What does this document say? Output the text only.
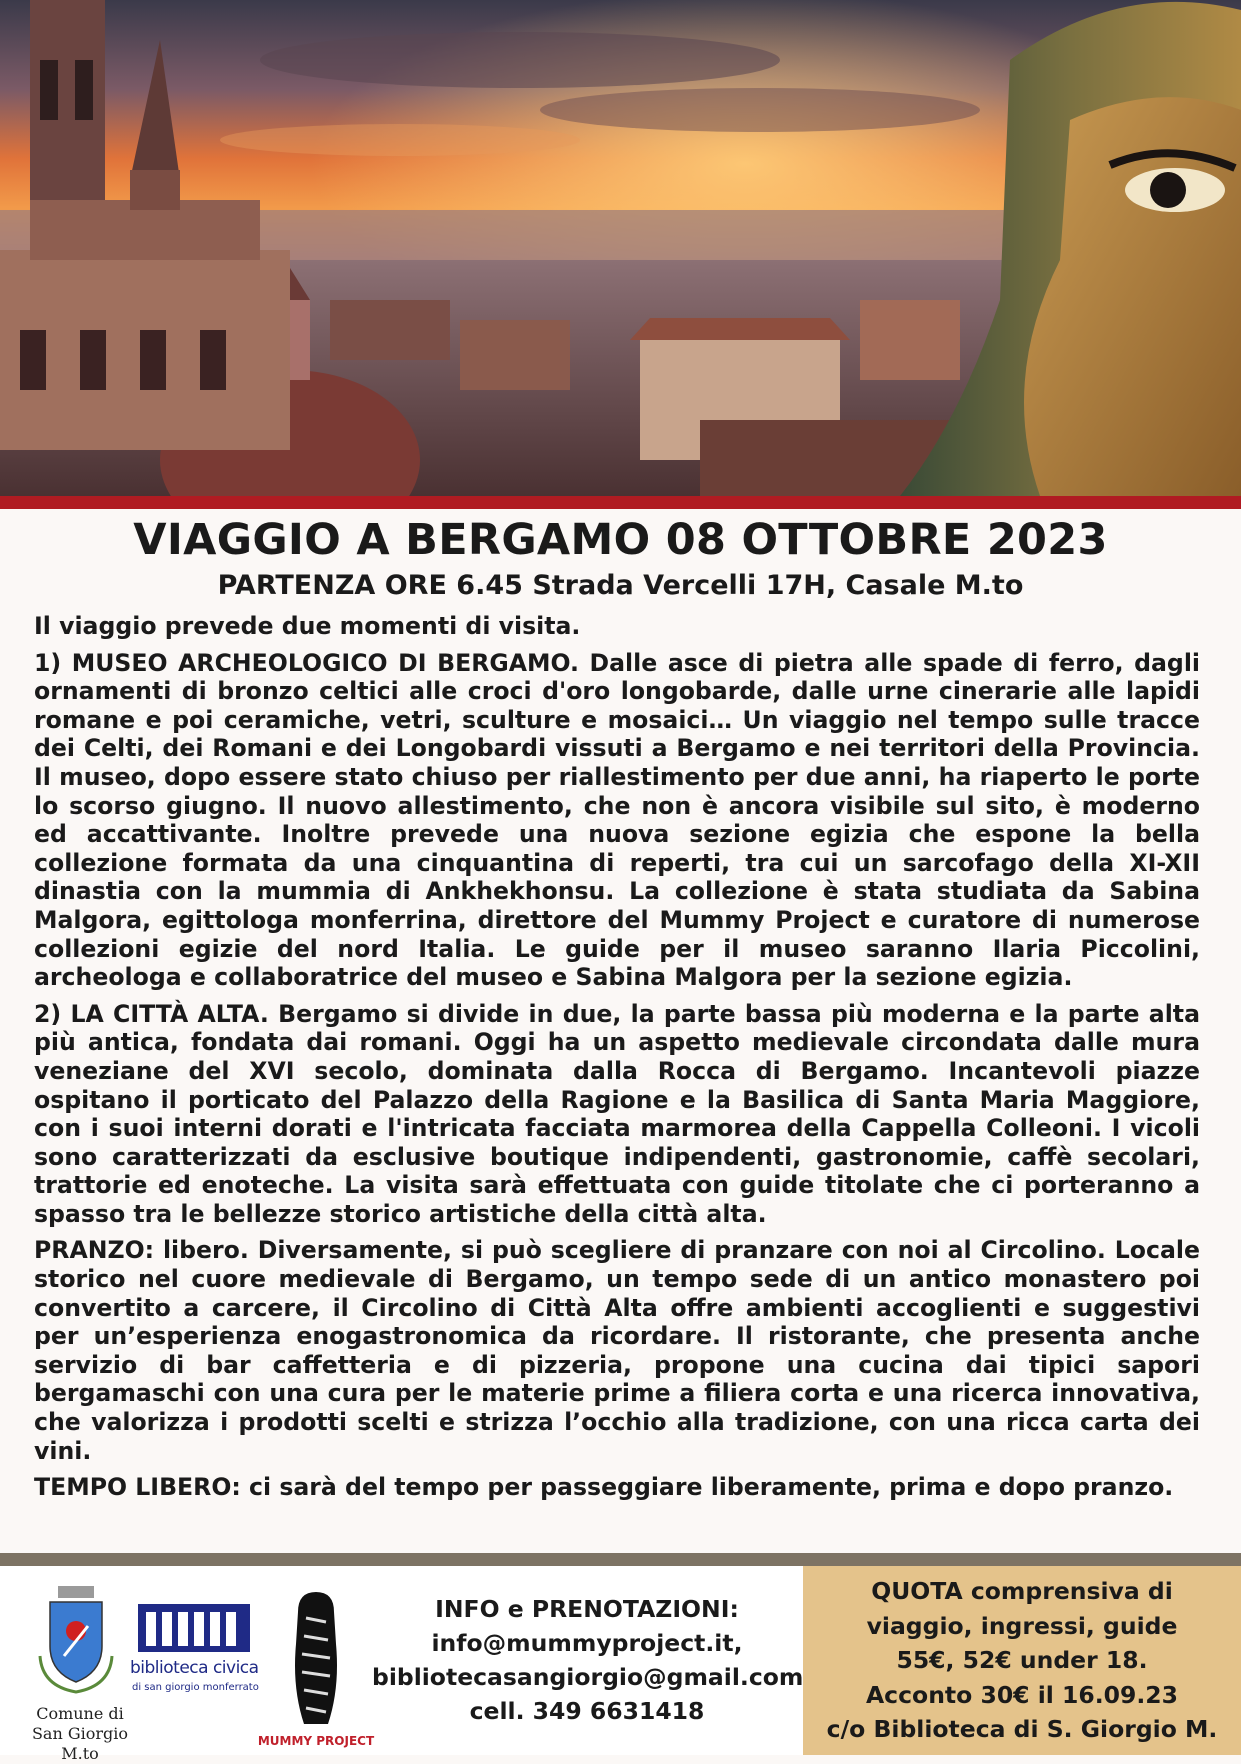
VIAGGIO A BERGAMO 08 OTTOBRE 2023
PARTENZA ORE 6.45 Strada Vercelli 17H, Casale M.to

Il viaggio prevede due momenti di visita.

1) MUSEO ARCHEOLOGICO DI BERGAMO. Dalle asce di pietra alle spade di ferro, dagli ornamenti di bronzo celtici alle croci d'oro longobarde, dalle urne cinerarie alle lapidi romane e poi ceramiche, vetri, sculture e mosaici… Un viaggio nel tempo sulle tracce dei Celti, dei Romani e dei Longobardi vissuti a Bergamo e nei territori della Provincia. Il museo, dopo essere stato chiuso per riallestimento per due anni, ha riaperto le porte lo scorso giugno. Il nuovo allestimento, che non è ancora visibile sul sito, è moderno ed accattivante. Inoltre prevede una nuova sezione egizia che espone la bella collezione formata da una cinquantina di reperti, tra cui un sarcofago della XI-XII dinastia con la mummia di Ankhekhonsu. La collezione è stata studiata da Sabina Malgora, egittologa monferrina, direttore del Mummy Project e curatore di numerose collezioni egizie del nord Italia. Le guide per il museo saranno Ilaria Piccolini, archeologa e collaboratrice del museo e Sabina Malgora per la sezione egizia.

2) LA CITTÀ ALTA. Bergamo si divide in due, la parte bassa più moderna e la parte alta più antica, fondata dai romani. Oggi ha un aspetto medievale circondata dalle mura veneziane del XVI secolo, dominata dalla Rocca di Bergamo. Incantevoli piazze ospitano il porticato del Palazzo della Ragione e la Basilica di Santa Maria Maggiore, con i suoi interni dorati e l'intricata facciata marmorea della Cappella Colleoni. I vicoli sono caratterizzati da esclusive boutique indipendenti, gastronomie, caffè secolari, trattorie ed enoteche. La visita sarà effettuata con guide titolate che ci porteranno a spasso tra le bellezze storico artistiche della città alta.

PRANZO: libero. Diversamente, si può scegliere di pranzare con noi al Circolino. Locale storico nel cuore medievale di Bergamo, un tempo sede di un antico monastero poi convertito a carcere, il Circolino di Città Alta offre ambienti accoglienti e suggestivi per un’esperienza enogastronomica da ricordare. Il ristorante, che presenta anche servizio di bar caffetteria e di pizzeria, propone una cucina dai tipici sapori bergamaschi con una cura per le materie prime a filiera corta e una ricerca innovativa, che valorizza i prodotti scelti e strizza l’occhio alla tradizione, con una ricca carta dei vini.

TEMPO LIBERO: ci sarà del tempo per passeggiare liberamente, prima e dopo pranzo.

Comune di
San Giorgio M.to
biblioteca civica
di san giorgio monferrato
MUMMY PROJECT
INFO e PRENOTAZIONI:
info@mummyproject.it,
bibliotecasangiorgio@gmail.com
cell. 349 6631418
QUOTA comprensiva di
viaggio, ingressi, guide
55€, 52€ under 18.
Acconto 30€ il 16.09.23
c/o Biblioteca di S. Giorgio M.
